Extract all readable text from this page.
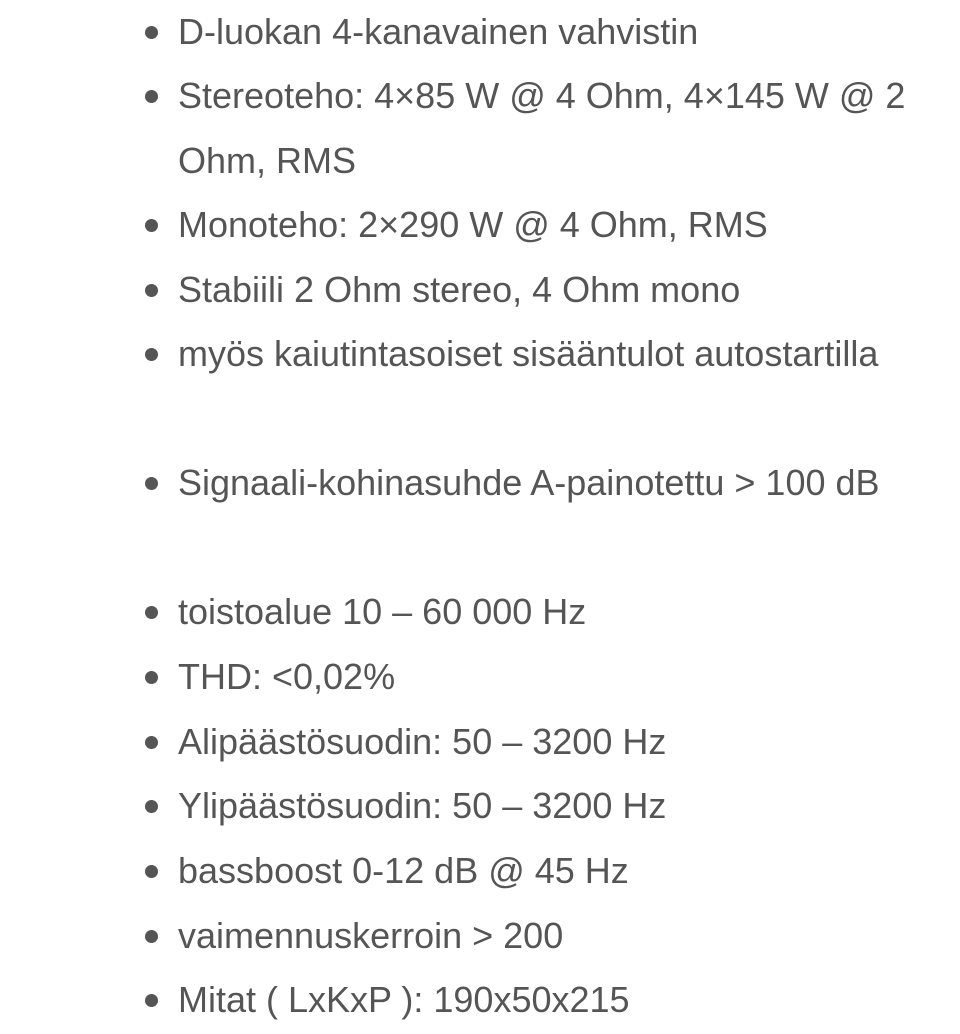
D-luokan 4-kanavainen vahvistin
Stereoteho: 4×85 W @ 4 Ohm, 4×145 W @ 2 Ohm, RMS
Monoteho: 2×290 W @ 4 Ohm, RMS
Stabiili 2 Ohm stereo, 4 Ohm mono
myös kaiutintasoiset sisääntulot autostartilla
Signaali-kohinasuhde A-painotettu > 100 dB
toistoalue 10 – 60 000 Hz
THD: <0,02%
Alipäästösuodin: 50 – 3200 Hz
Ylipäästösuodin: 50 – 3200 Hz
bassboost 0-12 dB @ 45 Hz
vaimennuskerroin > 200
Mitat ( LxKxP ): 190x50x215
